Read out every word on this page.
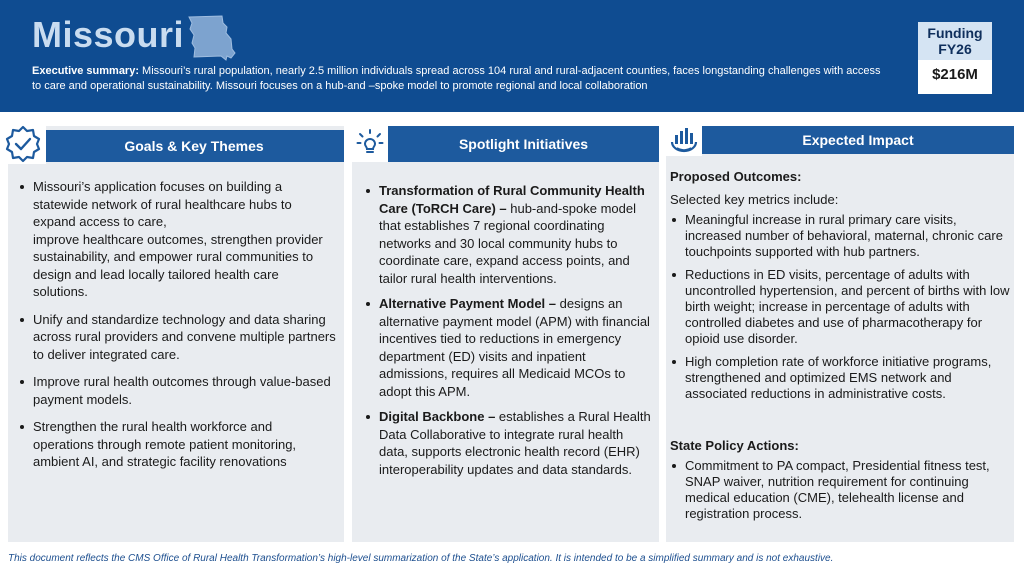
Missouri
Executive summary: Missouri’s rural population, nearly 2.5 million individuals spread across 104 rural and rural-adjacent counties, faces longstanding challenges with access to care and operational sustainability. Missouri focuses on a hub-and –spoke model to promote regional and local collaboration
Funding FY26
$216M
Goals & Key Themes
Missouri’s application focuses on building a statewide network of rural healthcare hubs to expand access to care,
improve healthcare outcomes, strengthen provider sustainability, and empower rural communities to design and lead locally tailored health care solutions.
Unify and standardize technology and data sharing across rural providers and convene multiple partners to deliver integrated care.
Improve rural health outcomes through value-based payment models.
Strengthen the rural health workforce and operations through remote patient monitoring, ambient AI, and strategic facility renovations
Spotlight Initiatives
Transformation of Rural Community Health Care (ToRCH Care) – hub-and-spoke model that establishes 7 regional coordinating networks and 30 local community hubs to coordinate care, expand access points, and tailor rural health interventions.
Alternative Payment Model – designs an alternative payment model (APM) with financial incentives tied to reductions in emergency department (ED) visits and inpatient admissions, requires all Medicaid MCOs to adopt this APM.
Digital Backbone – establishes a Rural Health Data Collaborative to integrate rural health data, supports electronic health record (EHR) interoperability updates and data standards.
Expected Impact
Proposed Outcomes:
Selected key metrics include:
Meaningful increase in rural primary care visits, increased number of behavioral, maternal, chronic care touchpoints supported with hub partners.
Reductions in ED visits, percentage of adults with uncontrolled hypertension, and percent of births with low birth weight; increase in percentage of adults with controlled diabetes and use of pharmacotherapy for opioid use disorder.
High completion rate of workforce initiative programs, strengthened and optimized EMS network and associated reductions in administrative costs.
State Policy Actions:
Commitment to PA compact, Presidential fitness test, SNAP waiver, nutrition requirement for continuing medical education (CME), telehealth license and registration process.
This document reflects the CMS Office of Rural Health Transformation’s high-level summarization of the State’s application. It is intended to be a simplified summary and is not exhaustive.
